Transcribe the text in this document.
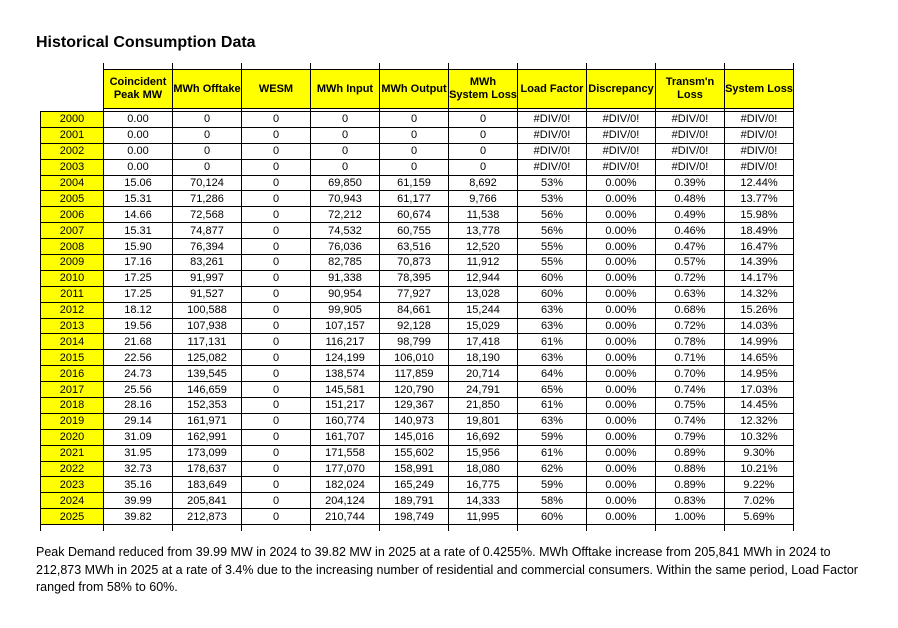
Historical Consumption Data

	Coincident Peak MW	MWh Offtake	WESM	MWh Input	MWh Output	MWh System Loss	Load Factor	Discrepancy	Transm'n Loss	System Loss

2000	0.00	0	0	0	0	0	#DIV/0!	#DIV/0!	#DIV/0!	#DIV/0!
2001	0.00	0	0	0	0	0	#DIV/0!	#DIV/0!	#DIV/0!	#DIV/0!
2002	0.00	0	0	0	0	0	#DIV/0!	#DIV/0!	#DIV/0!	#DIV/0!
2003	0.00	0	0	0	0	0	#DIV/0!	#DIV/0!	#DIV/0!	#DIV/0!
2004	15.06	70,124	0	69,850	61,159	8,692	53%	0.00%	0.39%	12.44%
2005	15.31	71,286	0	70,943	61,177	9,766	53%	0.00%	0.48%	13.77%
2006	14.66	72,568	0	72,212	60,674	11,538	56%	0.00%	0.49%	15.98%
2007	15.31	74,877	0	74,532	60,755	13,778	56%	0.00%	0.46%	18.49%
2008	15.90	76,394	0	76,036	63,516	12,520	55%	0.00%	0.47%	16.47%
2009	17.16	83,261	0	82,785	70,873	11,912	55%	0.00%	0.57%	14.39%
2010	17.25	91,997	0	91,338	78,395	12,944	60%	0.00%	0.72%	14.17%
2011	17.25	91,527	0	90,954	77,927	13,028	60%	0.00%	0.63%	14.32%
2012	18.12	100,588	0	99,905	84,661	15,244	63%	0.00%	0.68%	15.26%
2013	19.56	107,938	0	107,157	92,128	15,029	63%	0.00%	0.72%	14.03%
2014	21.68	117,131	0	116,217	98,799	17,418	61%	0.00%	0.78%	14.99%
2015	22.56	125,082	0	124,199	106,010	18,190	63%	0.00%	0.71%	14.65%
2016	24.73	139,545	0	138,574	117,859	20,714	64%	0.00%	0.70%	14.95%
2017	25.56	146,659	0	145,581	120,790	24,791	65%	0.00%	0.74%	17.03%
2018	28.16	152,353	0	151,217	129,367	21,850	61%	0.00%	0.75%	14.45%
2019	29.14	161,971	0	160,774	140,973	19,801	63%	0.00%	0.74%	12.32%
2020	31.09	162,991	0	161,707	145,016	16,692	59%	0.00%	0.79%	10.32%
2021	31.95	173,099	0	171,558	155,602	15,956	61%	0.00%	0.89%	9.30%
2022	32.73	178,637	0	177,070	158,991	18,080	62%	0.00%	0.88%	10.21%
2023	35.16	183,649	0	182,024	165,249	16,775	59%	0.00%	0.89%	9.22%
2024	39.99	205,841	0	204,124	189,791	14,333	58%	0.00%	0.83%	7.02%
2025	39.82	212,873	0	210,744	198,749	11,995	60%	0.00%	1.00%	5.69%

Peak Demand reduced from 39.99 MW in 2024 to 39.82 MW in 2025 at a rate of 0.4255%. MWh Offtake increase from 205,841 MWh in 2024 to 212,873 MWh in 2025 at a rate of 3.4% due to the increasing number of residential and commercial consumers. Within the same period, Load Factor ranged from 58% to 60%.
